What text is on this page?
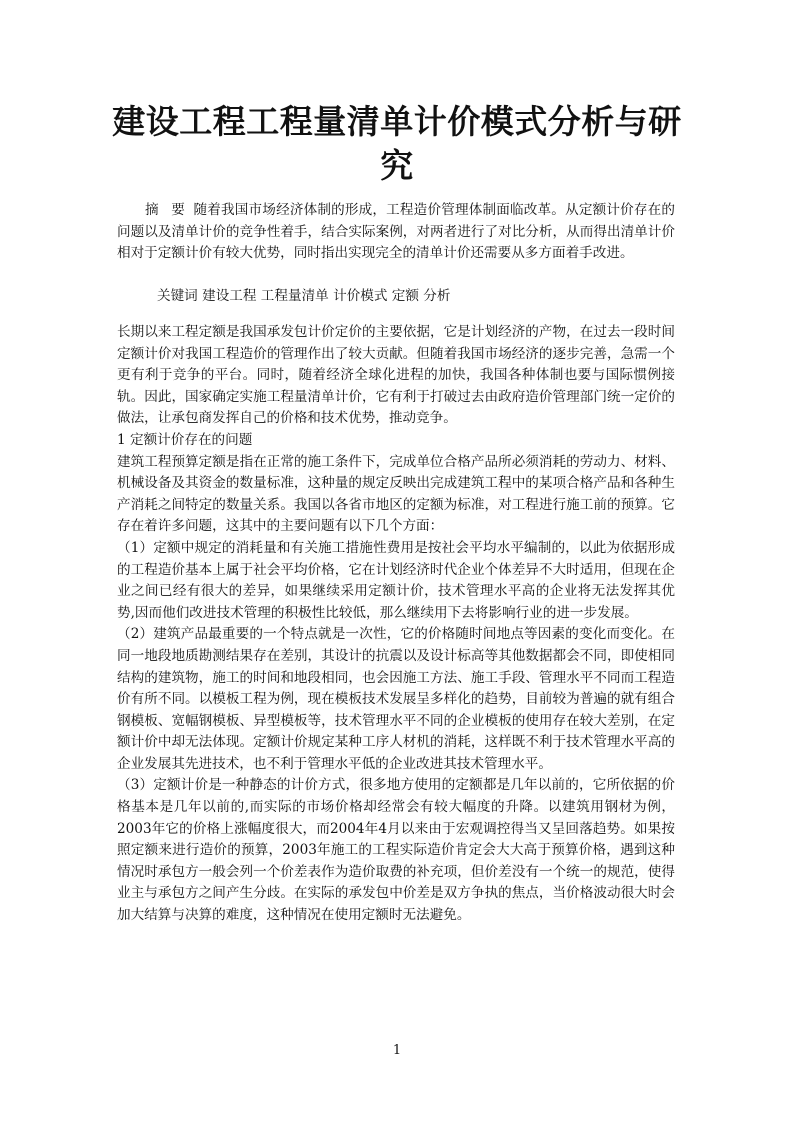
建设工程工程量清单计价模式分析与研究

摘 要 随着我国市场经济体制的形成，工程造价管理体制面临改革。从定额计价存在的问题以及清单计价的竞争性着手，结合实际案例，对两者进行了对比分析，从而得出清单计价相对于定额计价有较大优势，同时指出实现完全的清单计价还需要从多方面着手改进。

关键词 建设工程 工程量清单 计价模式 定额 分析

长期以来工程定额是我国承发包计价定价的主要依据，它是计划经济的产物，在过去一段时间定额计价对我国工程造价的管理作出了较大贡献。但随着我国市场经济的逐步完善，急需一个更有利于竞争的平台。同时，随着经济全球化进程的加快，我国各种体制也要与国际惯例接轨。因此，国家确定实施工程量清单计价，它有利于打破过去由政府造价管理部门统一定价的做法，让承包商发挥自己的价格和技术优势，推动竞争。

1 定额计价存在的问题

建筑工程预算定额是指在正常的施工条件下，完成单位合格产品所必须消耗的劳动力、材料、机械设备及其资金的数量标准，这种量的规定反映出完成建筑工程中的某项合格产品和各种生产消耗之间特定的数量关系。我国以各省市地区的定额为标准，对工程进行施工前的预算。它存在着许多问题，这其中的主要问题有以下几个方面：

（1）定额中规定的消耗量和有关施工措施性费用是按社会平均水平编制的，以此为依据形成的工程造价基本上属于社会平均价格，它在计划经济时代企业个体差异不大时适用，但现在企业之间已经有很大的差异，如果继续采用定额计价，技术管理水平高的企业将无法发挥其优势,因而他们改进技术管理的积极性比较低，那么继续用下去将影响行业的进一步发展。

（2）建筑产品最重要的一个特点就是一次性，它的价格随时间地点等因素的变化而变化。在同一地段地质勘测结果存在差别，其设计的抗震以及设计标高等其他数据都会不同，即使相同结构的建筑物，施工的时间和地段相同，也会因施工方法、施工手段、管理水平不同而工程造价有所不同。以模板工程为例，现在模板技术发展呈多样化的趋势，目前较为普遍的就有组合钢模板、宽幅钢模板、异型模板等，技术管理水平不同的企业模板的使用存在较大差别，在定额计价中却无法体现。定额计价规定某种工序人材机的消耗，这样既不利于技术管理水平高的企业发展其先进技术，也不利于管理水平低的企业改进其技术管理水平。

（3）定额计价是一种静态的计价方式，很多地方使用的定额都是几年以前的，它所依据的价格基本是几年以前的,而实际的市场价格却经常会有较大幅度的升降。以建筑用钢材为例，2003年它的价格上涨幅度很大，而2004年4月以来由于宏观调控得当又呈回落趋势。如果按照定额来进行造价的预算，2003年施工的工程实际造价肯定会大大高于预算价格，遇到这种情况时承包方一般会列一个价差表作为造价取费的补充项，但价差没有一个统一的规范，使得业主与承包方之间产生分歧。在实际的承发包中价差是双方争执的焦点，当价格波动很大时会加大结算与决算的难度，这种情况在使用定额时无法避免。

1
